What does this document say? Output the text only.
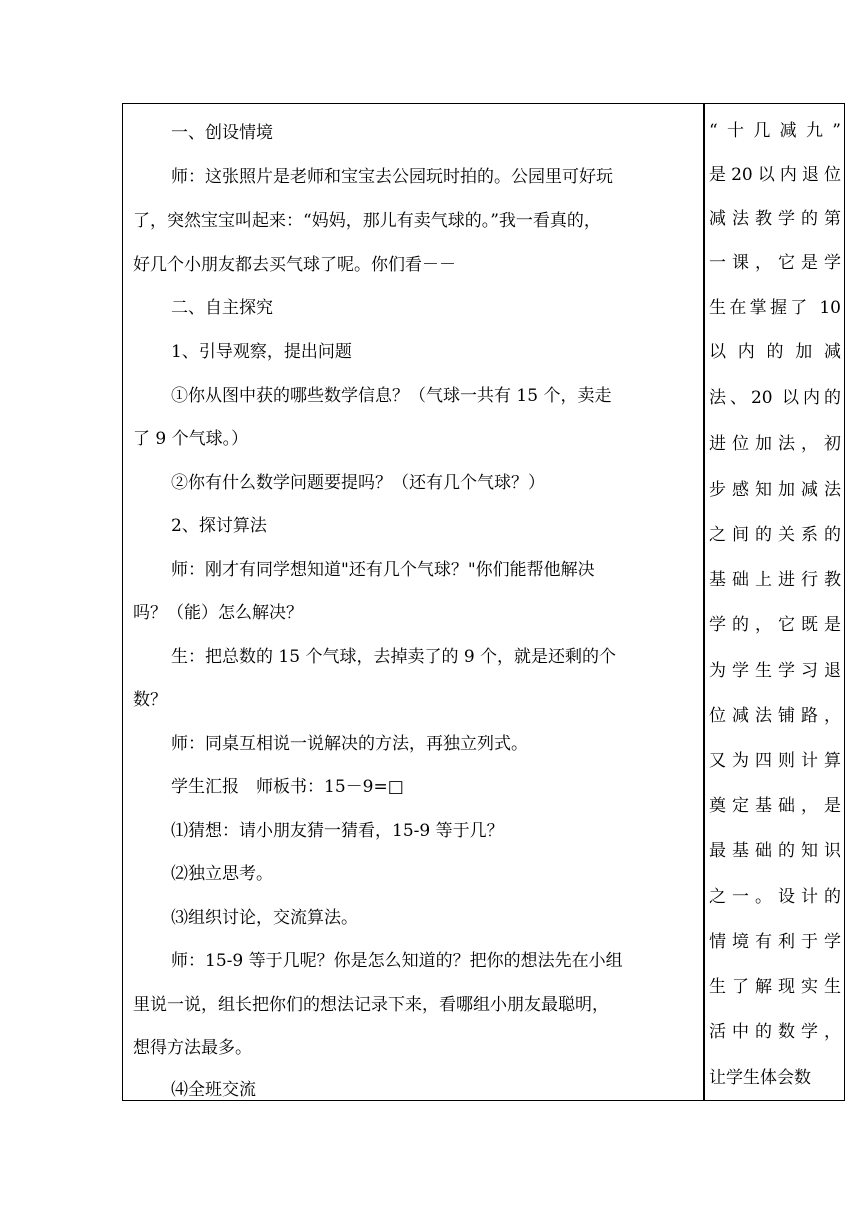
一、创设情境
师：这张照片是老师和宝宝去公园玩时拍的。公园里可好玩
了，突然宝宝叫起来：“妈妈，那儿有卖气球的。”我一看真的，
好几个小朋友都去买气球了呢。你们看－－
二、自主探究
1、引导观察，提出问题
①你从图中获的哪些数学信息？（气球一共有 15 个，卖走
了 9 个气球。）
②你有什么数学问题要提吗？（还有几个气球？）
2、探讨算法
师：刚才有同学想知道"还有几个气球？"你们能帮他解决
吗？（能）怎么解决？
生：把总数的 15 个气球，去掉卖了的 9 个，就是还剩的个
数？
师：同桌互相说一说解决的方法，再独立列式。
学生汇报　师板书：15－9=□
⑴猜想：请小朋友猜一猜看，15-9 等于几？
⑵独立思考。
⑶组织讨论，交流算法。
师：15-9 等于几呢？你是怎么知道的？把你的想法先在小组
里说一说，组长把你们的想法记录下来，看哪组小朋友最聪明，
想得方法最多。
⑷全班交流
“十几减九”
是20以内退位
减法教学的第
一课，它是学
生在掌握了 10
以 内 的 加 减
法、20 以内的
进位加法，初
步感知加减法
之间的关系的
基础上进行教
学的，它既是
为学生学习退
位减法铺路，
又为四则计算
奠定基础，是
最基础的知识
之一。设计的
情境有利于学
生了解现实生
活中的数学，
让学生体会数
